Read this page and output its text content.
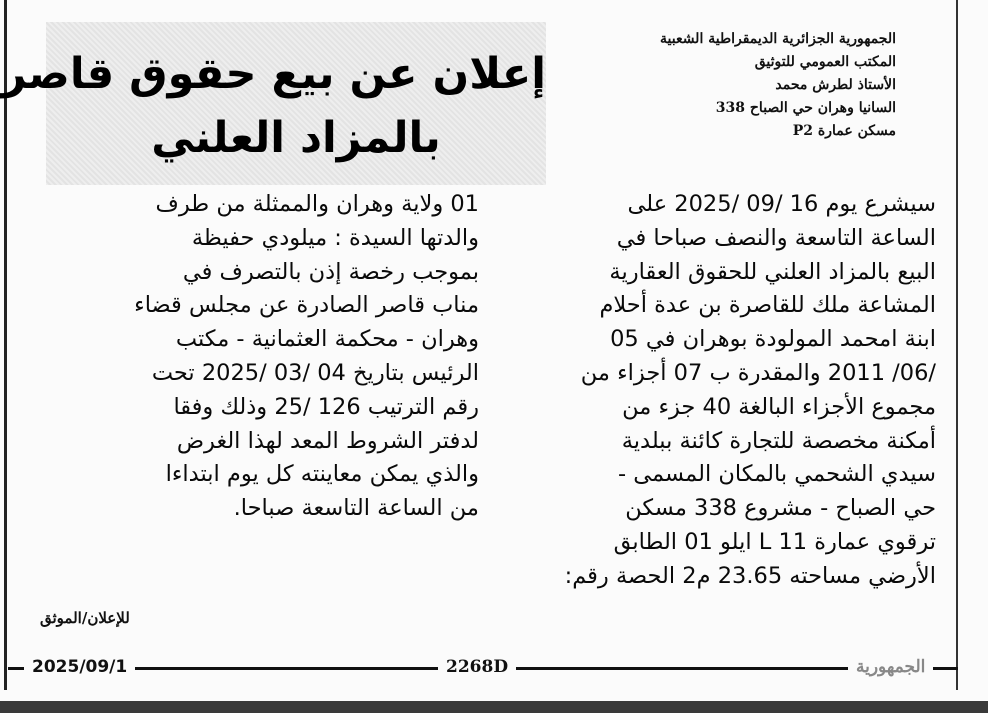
الجمهورية الجزائرية الديمقراطية الشعبية
المكتب العمومي للتوثيق
الأستاذ لطرش محمد
السانيا وهران حي الصباح 338
مسكن عمارة P2
إعلان عن بيع حقوق قاصر
بالمزاد العلني
سيشرع يوم 16 /09 /2025 على
الساعة التاسعة والنصف صباحا في
البيع بالمزاد العلني للحقوق العقارية
المشاعة ملك للقاصرة بن عدة أحلام
ابنة امحمد المولودة بوهران في 05
/06/ 2011 والمقدرة ب 07 أجزاء من
مجموع الأجزاء البالغة 40 جزء من
أمكنة مخصصة للتجارة كائنة ببلدية
سيدي الشحمي بالمكان المسمى -
حي الصباح - مشروع 338 مسكن
ترقوي عمارة L 11 ايلو 01 الطابق
الأرضي مساحته 23.65 م2 الحصة رقم:
01 ولاية وهران والممثلة من طرف
والدتها السيدة : ميلودي حفيظة
بموجب رخصة إذن بالتصرف في
مناب قاصر الصادرة عن مجلس قضاء
وهران - محكمة العثمانية - مكتب
الرئيس بتاريخ 04 /03 /2025 تحت
رقم الترتيب 126 /25 وذلك وفقا
لدفتر الشروط المعد لهذا الغرض
والذي يمكن معاينته كل يوم ابتداءا
من الساعة التاسعة صباحا.
للإعلان/الموثق
2025/09/1	2268D	الجمهورية
